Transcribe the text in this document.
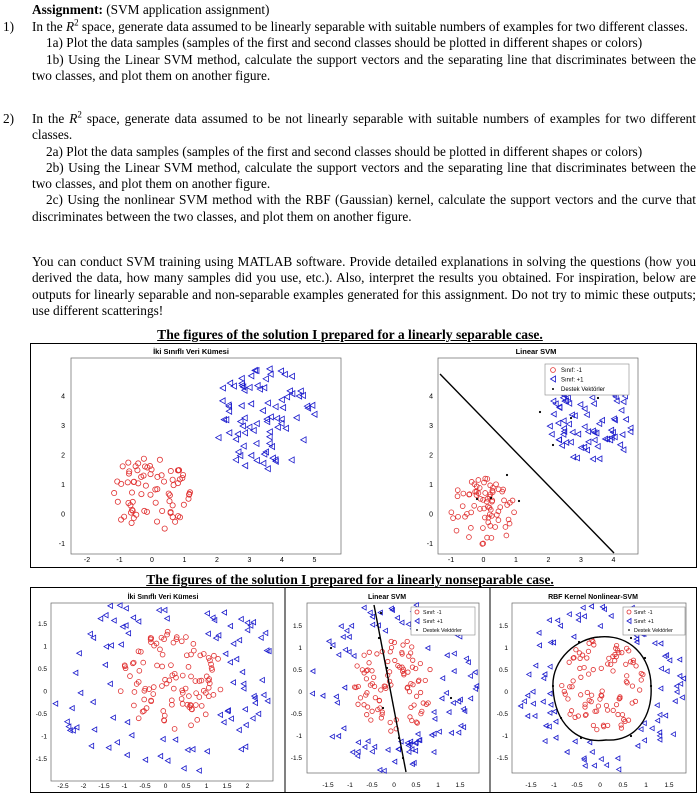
Assignment: (SVM application assignment)

1)	In the $R^2$ space, generate data assumed to be linearly separable with suitable numbers of examples for two different classes.

1a) Plot the data samples (samples of the first and second classes should be plotted in different shapes or colors)

1b) Using the Linear SVM method, calculate the support vectors and the separating line that discriminates between the two classes, and plot them on another figure.

2)	In the $R^2$ space, generate data assumed to be not linearly separable with suitable numbers of examples for two different classes.

2a) Plot the data samples (samples of the first and second classes should be plotted in different shapes or colors)

2b) Using the Linear SVM method, calculate the support vectors and the separating line that discriminates between the two classes, and plot them on another figure.

2c) Using the nonlinear SVM method with the RBF (Gaussian) kernel, calculate the support vectors and the curve that discriminates between the two classes, and plot them on another figure.

You can conduct SVM training using MATLAB software. Provide detailed explanations in solving the questions (how you derived the data, how many samples did you use, etc.). Also, interpret the results you obtained. For inspiration, below are outputs for linearly separable and non-separable examples generated for this assignment. Do not try to mimic these outputs; use different scatterings!

The figures of the solution I prepared for a linearly separable case.
İki Sınıflı Veri Kümesi
-2	-1	0	1	2	3	4	5
-1
0
1
2
3
4
Linear SVM
-1	0	1	2	3	4
-1
0
1
2
3
4
Sınıf: -1
Sınıf: +1
Destek Vektörler
The figures of the solution I prepared for a linearly nonseparable case.
İki Sınıflı Veri Kümesi
-2.5 -2 -1.5 -1 -0.5 0 0.5 1 1.5 2
1.5
1
0.5
0
-0.5
-1
-1.5
Linear SVM
-1.5 -1 -0.5 0 0.5 1 1.5
1.5
1
0.5
0
-0.5
-1
-1.5
Sınıf: -1
Sınıf: +1
Destek Vektörler
RBF Kernel Nonlinear-SVM
-1.5 -1 -0.5 0	0.5	1	1.5
1.5
1
0.5
0
-0.5
-1
-1.5
Sınıf: -1
Sınıf: +1
Destek Vektörler
